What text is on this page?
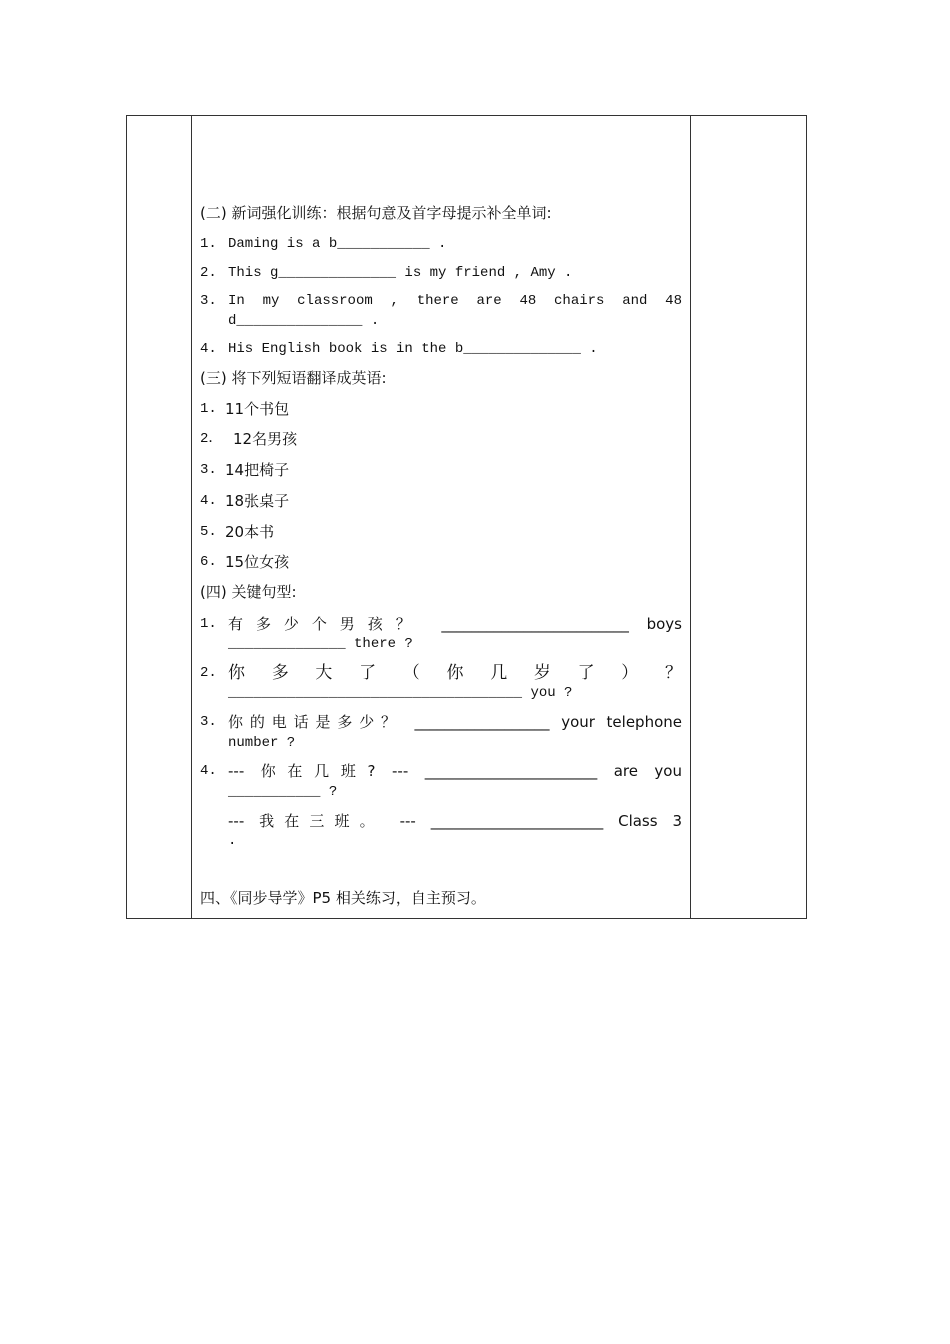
(二) 新词强化训练：根据句意及首字母提示补全单词:
1. Daming is a b___________ .
2. This g______________ is my friend , Amy .
3. In my classroom , there are 48 chairs and 48
d_______________ .
4. His English book is in the b______________ .
(三) 将下列短语翻译成英语:
1. 11个书包
2． 12名男孩
3. 14把椅子
4. 18张桌子
5. 20本书
6. 15位女孩
(四) 关键句型:
1. 有多少个男孩？ _________________________ boys
______________ there ?
2. 你 多 大 了 （ 你 几 岁 了 ） ？
___________________________________ you ?
3. 你的电话是多少？ __________________ your telephone
number ?
4. --- 你在几班? --- _______________________ are you
___________ ?
--- 我在三班。 --- _______________________ Class 3
.
四、《同步导学》P5 相关练习，自主预习。
